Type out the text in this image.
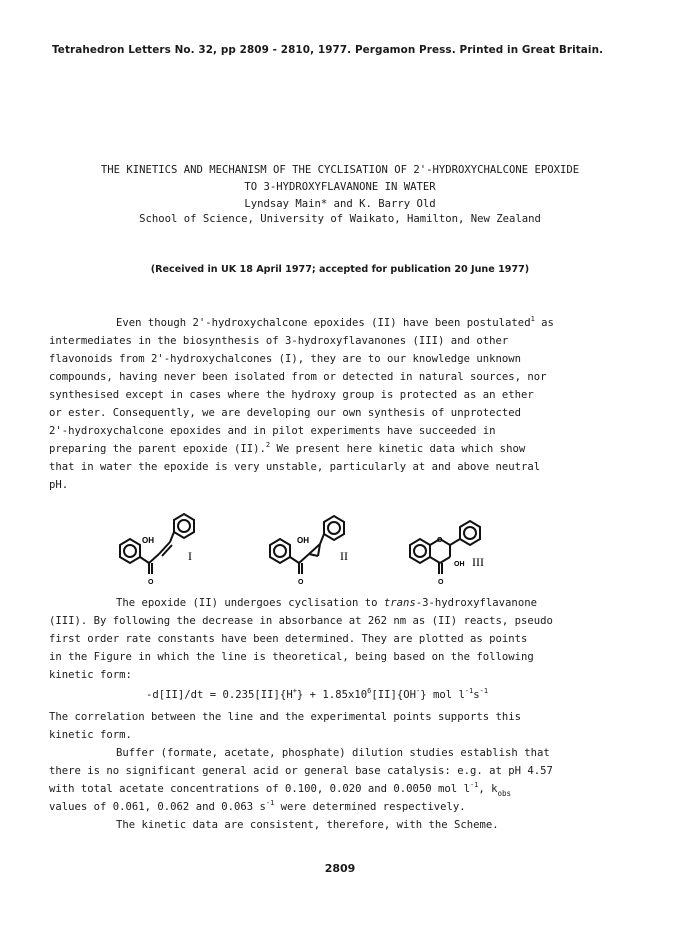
Tetrahedron Letters No. 32, pp 2809 - 2810, 1977. Pergamon Press. Printed in Great Britain.
THE KINETICS AND MECHANISM OF THE CYCLISATION OF 2'-HYDROXYCHALCONE EPOXIDE
TO 3-HYDROXYFLAVANONE IN WATER
Lyndsay Main* and K. Barry Old
School of Science, University of Waikato, Hamilton, New Zealand
(Received in UK 18 April 1977; accepted for publication 20 June 1977)
Even though 2'-hydroxychalcone epoxides (II) have been postulated$^1$ as
intermediates in the biosynthesis of 3-hydroxyflavanones (III) and other
flavonoids from 2'-hydroxychalcones (I), they are to our knowledge unknown
compounds, having never been isolated from or detected in natural sources, nor
synthesised except in cases where the hydroxy group is protected as an ether
or ester. Consequently, we are developing our own synthesis of unprotected
2'-hydroxychalcone epoxides and in pilot experiments have succeeded in
preparing the parent epoxide (II).$^2$ We present here kinetic data which show
that in water the epoxide is very unstable, particularly at and above neutral
pH.
OH
O
I
OH
O
II
O
OH
O
III
The epoxide (II) undergoes cyclisation to trans-3-hydroxyflavanone
(III). By following the decrease in absorbance at 262 nm as (II) reacts, pseudo
first order rate constants have been determined. They are plotted as points
in the Figure in which the line is theoretical, being based on the following
kinetic form:
$-d[II]/dt = 0.235[II]\{H^+\} + 1.85x10^6[II]\{OH^-\}$ mol $l^{-1}s^{-1}$
The correlation between the line and the experimental points supports this
kinetic form.
Buffer (formate, acetate, phosphate) dilution studies establish that
there is no significant general acid or general base catalysis: e.g. at pH 4.57
with total acetate concentrations of 0.100, 0.020 and 0.0050 mol $l^{-1}$, $k_{obs}$
values of 0.061, 0.062 and 0.063 $s^{-1}$ were determined respectively.
The kinetic data are consistent, therefore, with the Scheme.
2809
